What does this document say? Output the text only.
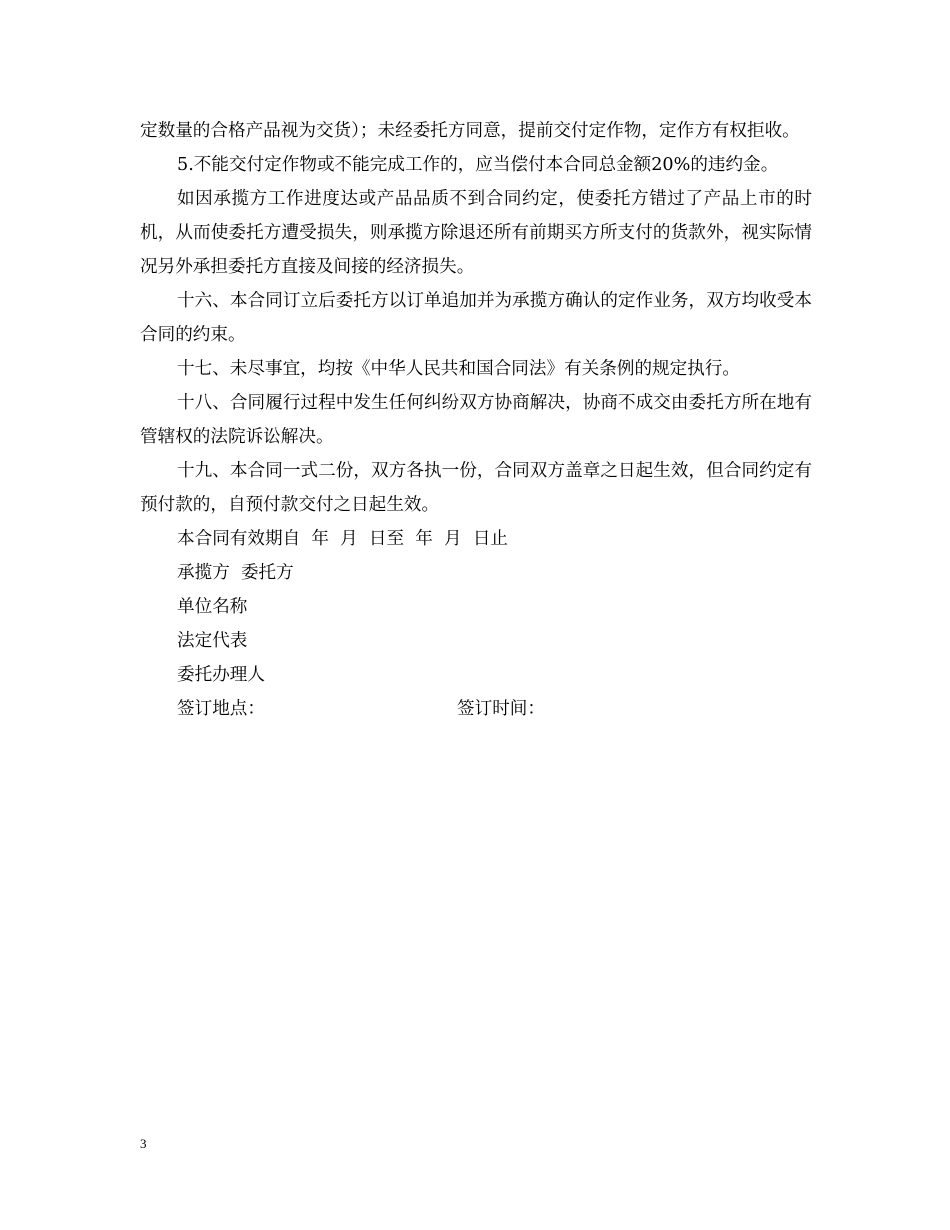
定数量的合格产品视为交货）；未经委托方同意，提前交付定作物，定作方有权拒收。

5.不能交付定作物或不能完成工作的，应当偿付本合同总金额20%的违约金。

如因承揽方工作进度达或产品品质不到合同约定，使委托方错过了产品上市的时机，从而使委托方遭受损失，则承揽方除退还所有前期买方所支付的货款外，视实际情况另外承担委托方直接及间接的经济损失。

十六、本合同订立后委托方以订单追加并为承揽方确认的定作业务，双方均收受本合同的约束。

十七、未尽事宜，均按《中华人民共和国合同法》有关条例的规定执行。

十八、合同履行过程中发生任何纠纷双方协商解决，协商不成交由委托方所在地有管辖权的法院诉讼解决。

十九、本合同一式二份，双方各执一份，合同双方盖章之日起生效，但合同约定有预付款的，自预付款交付之日起生效。

本合同有效期自  年  月  日至  年  月  日止

承揽方  委托方

单位名称

法定代表

委托办理人

签订地点：	签订时间：
3
